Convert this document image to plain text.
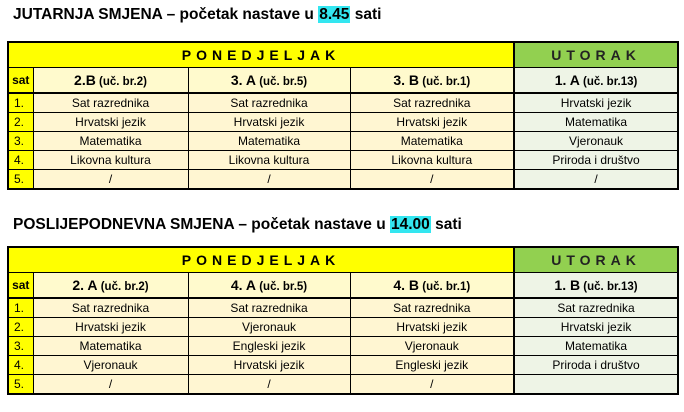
JUTARNJA SMJENA – početak nastave u 8.45 sati
PONEDJELJAK				UTORAK
sat	2.B (uč. br.2)	3. A (uč. br.5)	3. B (uč. br.1)	1. A (uč. br.13)
1.	Sat razrednika	Sat razrednika	Sat razrednika	Hrvatski jezik
2.	Hrvatski jezik	Hrvatski jezik	Hrvatski jezik	Matematika
3.	Matematika	Matematika	Matematika	Vjeronauk
4.	Likovna kultura	Likovna kultura	Likovna kultura	Priroda i društvo
5.	/	/	/	/
POSLIJEPODNEVNA SMJENA – početak nastave u 14.00 sati
PONEDJELJAK				UTORAK
sat	2. A (uč. br.2)	4. A (uč. br.5)	4. B (uč. br.1)	1. B (uč. br.13)
1.	Sat razrednika	Sat razrednika	Sat razrednika	Sat razrednika
2.	Hrvatski jezik	Vjeronauk	Hrvatski jezik	Hrvatski jezik
3.	Matematika	Engleski jezik	Vjeronauk	Matematika
4.	Vjeronauk	Hrvatski jezik	Engleski jezik	Priroda i društvo
5.	/	/	/	
